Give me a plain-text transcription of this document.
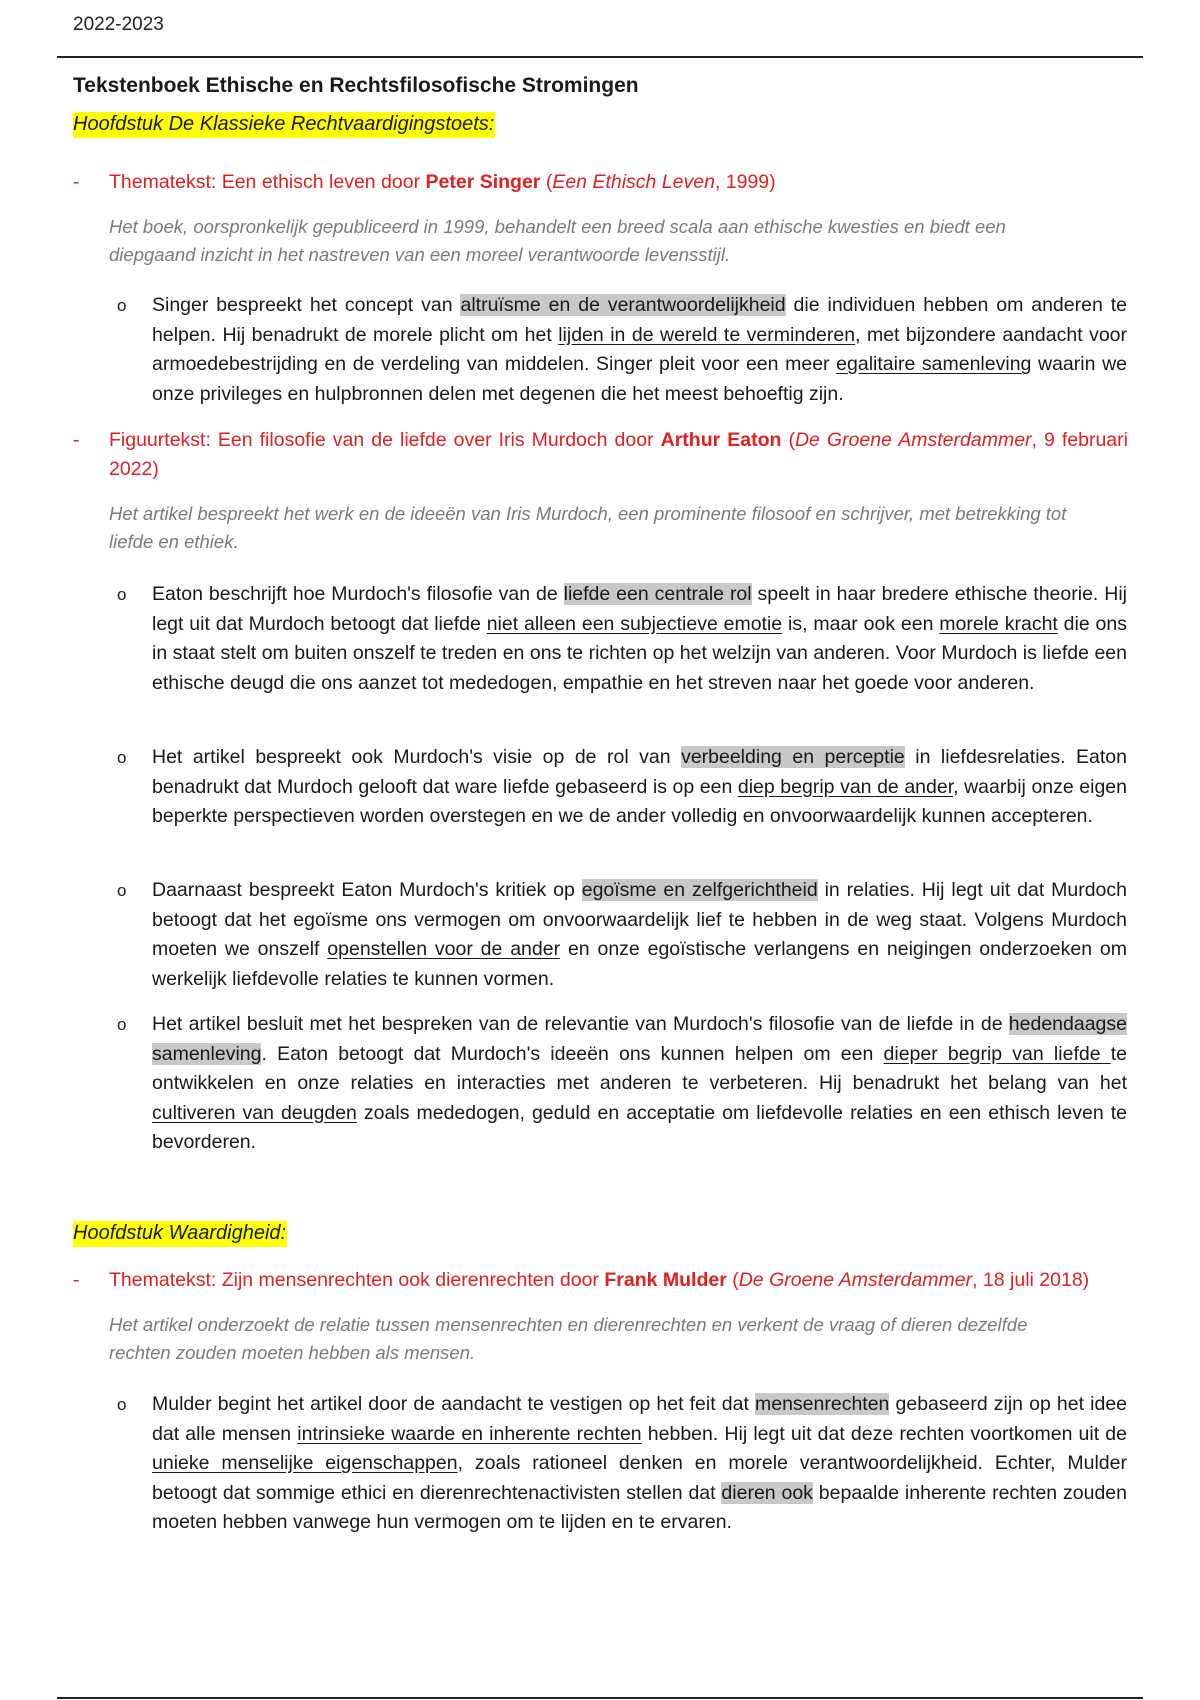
2022-2023
Tekstenboek Ethische en Rechtsfilosofische Stromingen
Hoofdstuk De Klassieke Rechtvaardigingstoets:
- Thematekst: Een ethisch leven door Peter Singer (Een Ethisch Leven, 1999)
Het boek, oorspronkelijk gepubliceerd in 1999, behandelt een breed scala aan ethische kwesties en biedt een diepgaand inzicht in het nastreven van een moreel verantwoorde levensstijl.
o Singer bespreekt het concept van altruïsme en de verantwoordelijkheid die individuen hebben om anderen te helpen. Hij benadrukt de morele plicht om het lijden in de wereld te verminderen, met bijzondere aandacht voor armoedebestrijding en de verdeling van middelen. Singer pleit voor een meer egalitaire samenleving waarin we onze privileges en hulpbronnen delen met degenen die het meest behoeftig zijn.
- Figuurtekst: Een filosofie van de liefde over Iris Murdoch door Arthur Eaton (De Groene Amsterdammer, 9 februari 2022)
Het artikel bespreekt het werk en de ideeën van Iris Murdoch, een prominente filosoof en schrijver, met betrekking tot liefde en ethiek.
o Eaton beschrijft hoe Murdoch's filosofie van de liefde een centrale rol speelt in haar bredere ethische theorie. Hij legt uit dat Murdoch betoogt dat liefde niet alleen een subjectieve emotie is, maar ook een morele kracht die ons in staat stelt om buiten onszelf te treden en ons te richten op het welzijn van anderen. Voor Murdoch is liefde een ethische deugd die ons aanzet tot mededogen, empathie en het streven naar het goede voor anderen.
o Het artikel bespreekt ook Murdoch's visie op de rol van verbeelding en perceptie in liefdesrelaties. Eaton benadrukt dat Murdoch gelooft dat ware liefde gebaseerd is op een diep begrip van de ander, waarbij onze eigen beperkte perspectieven worden overstegen en we de ander volledig en onvoorwaardelijk kunnen accepteren.
o Daarnaast bespreekt Eaton Murdoch's kritiek op egoïsme en zelfgerichtheid in relaties. Hij legt uit dat Murdoch betoogt dat het egoïsme ons vermogen om onvoorwaardelijk lief te hebben in de weg staat. Volgens Murdoch moeten we onszelf openstellen voor de ander en onze egoïstische verlangens en neigingen onderzoeken om werkelijk liefdevolle relaties te kunnen vormen.
o Het artikel besluit met het bespreken van de relevantie van Murdoch's filosofie van de liefde in de hedendaagse samenleving. Eaton betoogt dat Murdoch's ideeën ons kunnen helpen om een dieper begrip van liefde te ontwikkelen en onze relaties en interacties met anderen te verbeteren. Hij benadrukt het belang van het cultiveren van deugden zoals mededogen, geduld en acceptatie om liefdevolle relaties en een ethisch leven te bevorderen.
Hoofdstuk Waardigheid:
- Thematekst: Zijn mensenrechten ook dierenrechten door Frank Mulder (De Groene Amsterdammer, 18 juli 2018)
Het artikel onderzoekt de relatie tussen mensenrechten en dierenrechten en verkent de vraag of dieren dezelfde rechten zouden moeten hebben als mensen.
o Mulder begint het artikel door de aandacht te vestigen op het feit dat mensenrechten gebaseerd zijn op het idee dat alle mensen intrinsieke waarde en inherente rechten hebben. Hij legt uit dat deze rechten voortkomen uit de unieke menselijke eigenschappen, zoals rationeel denken en morele verantwoordelijkheid. Echter, Mulder betoogt dat sommige ethici en dierenrechtenactivisten stellen dat dieren ook bepaalde inherente rechten zouden moeten hebben vanwege hun vermogen om te lijden en te ervaren.
